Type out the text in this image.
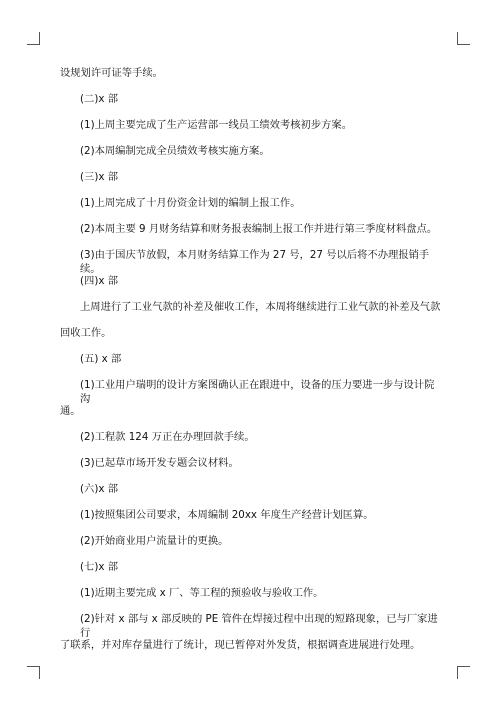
设规划许可证等手续。
(二)x 部
(1)上周主要完成了生产运营部一线员工绩效考核初步方案。
(2)本周编制完成全员绩效考核实施方案。
(三)x 部
(1)上周完成了十月份资金计划的编制上报工作。
(2)本周主要 9 月财务结算和财务报表编制上报工作并进行第三季度材料盘点。
(3)由于国庆节放假，本月财务结算工作为 27 号，27 号以后将不办理报销手续。
(四)x 部
上周进行了工业气款的补差及催收工作，本周将继续进行工业气款的补差及气款
回收工作。
(五) x 部
(1)工业用户瑞明的设计方案图确认正在跟进中，设备的压力要进一步与设计院沟
通。
(2)工程款 124 万正在办理回款手续。
(3)已起草市场开发专题会议材料。
(六)x 部
(1)按照集团公司要求，本周编制 20xx 年度生产经营计划匡算。
(2)开始商业用户流量计的更换。
(七)x 部
(1)近期主要完成 x 厂、等工程的预验收与验收工作。
(2)针对 x 部与 x 部反映的 PE 管件在焊接过程中出现的短路现象，已与厂家进行
了联系，并对库存量进行了统计，现已暂停对外发货，根据调查进展进行处理。
